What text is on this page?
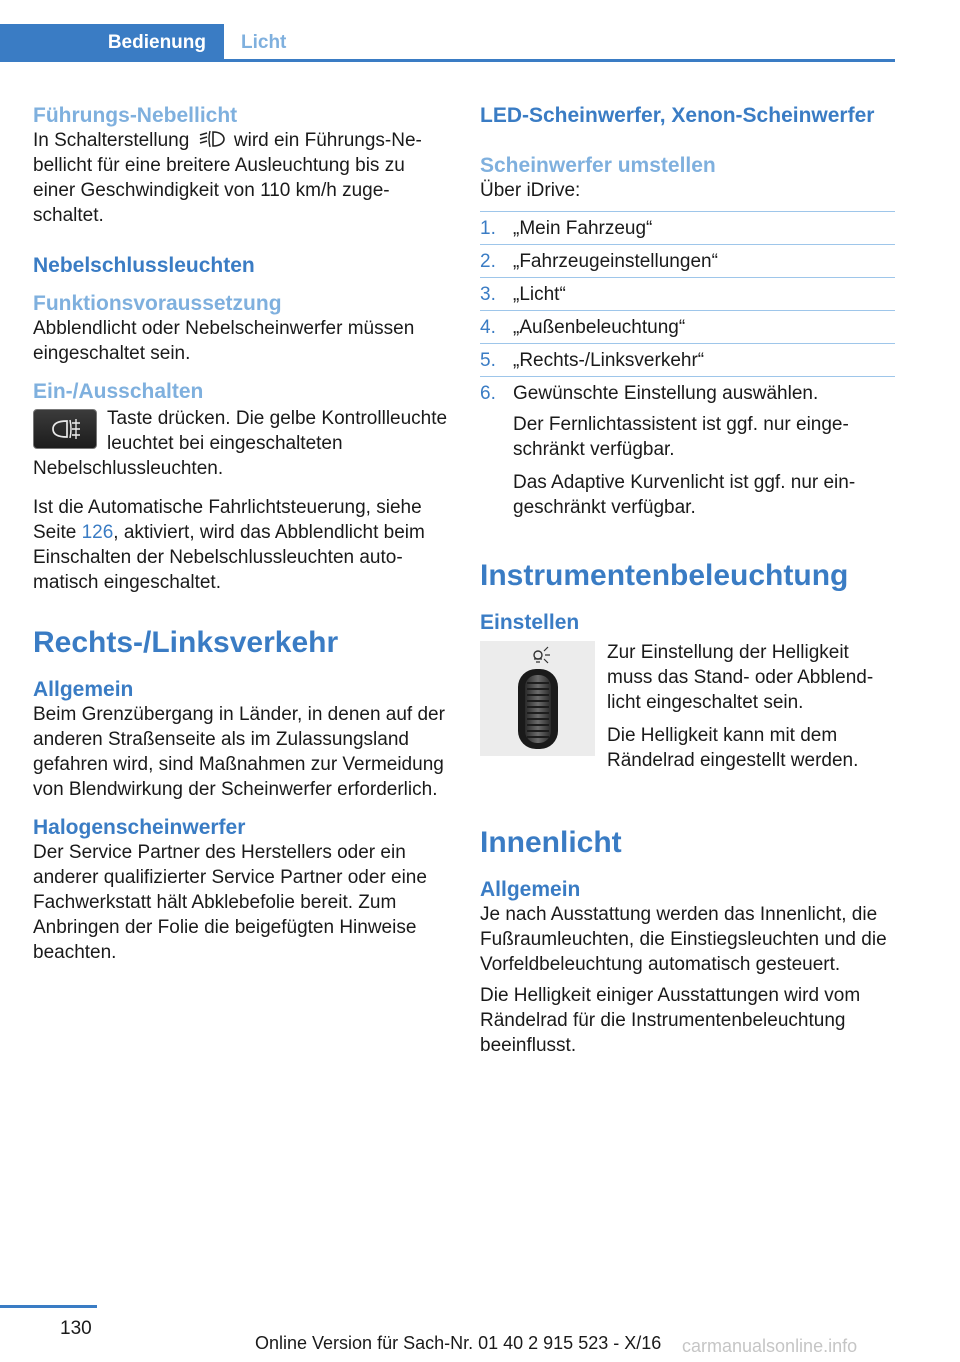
Bedienung Licht
Führungs-Nebellicht

In Schalterstellung  wird ein Führungs-Nebellicht für eine breitere Ausleuchtung bis zu einer Geschwindigkeit von 110 km/h zugeschaltet.

Nebelschlussleuchten
Funktionsvoraussetzung

Abblendlicht oder Nebelscheinwerfer müssen eingeschaltet sein.

Ein-/Ausschalten
Taste drücken. Die gelbe Kontrollleuchte leuchtet bei eingeschalteten Nebelschlussleuchten.

Ist die Automatische Fahrlichtsteuerung, siehe Seite 126, aktiviert, wird das Abblendlicht beim Einschalten der Nebelschlussleuchten automatisch eingeschaltet.

Rechts-/Linksverkehr
Allgemein

Beim Grenzübergang in Länder, in denen auf der anderen Straßenseite als im Zulassungsland gefahren wird, sind Maßnahmen zur Vermeidung von Blendwirkung der Scheinwerfer erforderlich.

Halogenscheinwerfer

Der Service Partner des Herstellers oder ein anderer qualifizierter Service Partner oder eine Fachwerkstatt hält Abklebefolie bereit. Zum Anbringen der Folie die beigefügten Hinweise beachten.

LED-Scheinwerfer, Xenon-Scheinwerfer
Scheinwerfer umstellen

Über iDrive:

1. „Mein Fahrzeug“
2. „Fahrzeugeinstellungen“
3. „Licht“
4. „Außenbeleuchtung“
5. „Rechts-/Linksverkehr“
6. Gewünschte Einstellung auswählen.

Der Fernlichtassistent ist ggf. nur eingeschränkt verfügbar.

Das Adaptive Kurvenlicht ist ggf. nur eingeschränkt verfügbar.

Instrumentenbeleuchtung
Einstellen

Zur Einstellung der Helligkeit muss das Stand- oder Abblendlicht eingeschaltet sein.

Die Helligkeit kann mit dem Rändelrad eingestellt werden.

Innenlicht
Allgemein

Je nach Ausstattung werden das Innenlicht, die Fußraumleuchten, die Einstiegsleuchten und die Vorfeldbeleuchtung automatisch gesteuert.

Die Helligkeit einiger Ausstattungen wird vom Rändelrad für die Instrumentenbeleuchtung beeinflusst.

130
Online Version für Sach-Nr. 01 40 2 915 523 - X/16 carmanualsonline.info
